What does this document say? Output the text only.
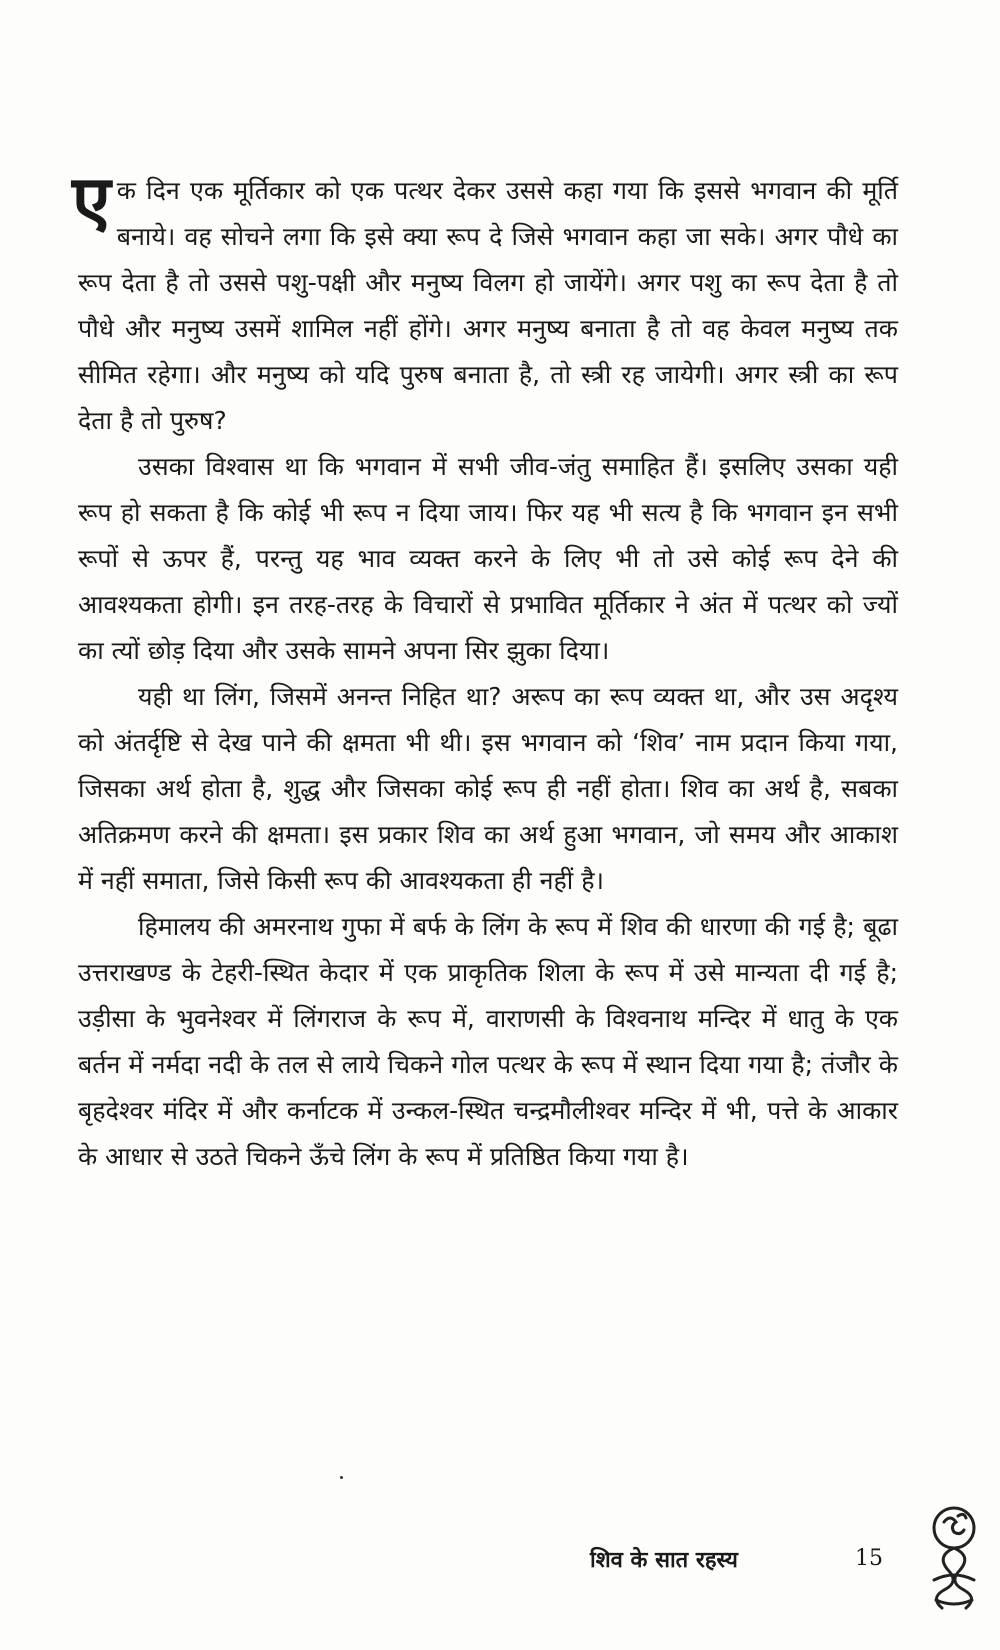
एक दिन एक मूर्तिकार को एक पत्थर देकर उससे कहा गया कि इससे भगवान की मूर्ति बनाये। वह सोचने लगा कि इसे क्या रूप दे जिसे भगवान कहा जा सके। अगर पौधे का रूप देता है तो उससे पशु-पक्षी और मनुष्य विलग हो जायेंगे। अगर पशु का रूप देता है तो पौधे और मनुष्य उसमें शामिल नहीं होंगे। अगर मनुष्य बनाता है तो वह केवल मनुष्य तक सीमित रहेगा। और मनुष्य को यदि पुरुष बनाता है, तो स्त्री रह जायेगी। अगर स्त्री का रूप देता है तो पुरुष?

उसका विश्वास था कि भगवान में सभी जीव-जंतु समाहित हैं। इसलिए उसका यही रूप हो सकता है कि कोई भी रूप न दिया जाय। फिर यह भी सत्य है कि भगवान इन सभी रूपों से ऊपर हैं, परन्तु यह भाव व्यक्त करने के लिए भी तो उसे कोई रूप देने की आवश्यकता होगी। इन तरह-तरह के विचारों से प्रभावित मूर्तिकार ने अंत में पत्थर को ज्यों का त्यों छोड़ दिया और उसके सामने अपना सिर झुका दिया।

यही था लिंग, जिसमें अनन्त निहित था? अरूप का रूप व्यक्त था, और उस अदृश्य को अंतर्दृष्टि से देख पाने की क्षमता भी थी। इस भगवान को ‘शिव’ नाम प्रदान किया गया, जिसका अर्थ होता है, शुद्ध और जिसका कोई रूप ही नहीं होता। शिव का अर्थ है, सबका अतिक्रमण करने की क्षमता। इस प्रकार शिव का अर्थ हुआ भगवान, जो समय और आकाश में नहीं समाता, जिसे किसी रूप की आवश्यकता ही नहीं है।

हिमालय की अमरनाथ गुफा में बर्फ के लिंग के रूप में शिव की धारणा की गई है; बूढा उत्तराखण्ड के टेहरी-स्थित केदार में एक प्राकृतिक शिला के रूप में उसे मान्यता दी गई है; उड़ीसा के भुवनेश्वर में लिंगराज के रूप में, वाराणसी के विश्वनाथ मन्दिर में धातु के एक बर्तन में नर्मदा नदी के तल से लाये चिकने गोल पत्थर के रूप में स्थान दिया गया है; तंजौर के बृहदेश्वर मंदिर में और कर्नाटक में उन्कल-स्थित चन्द्रमौलीश्वर मन्दिर में भी, पत्ते के आकार के आधार से उठते चिकने ऊँचे लिंग के रूप में प्रतिष्ठित किया गया है।

शिव के सात रहस्य	15
